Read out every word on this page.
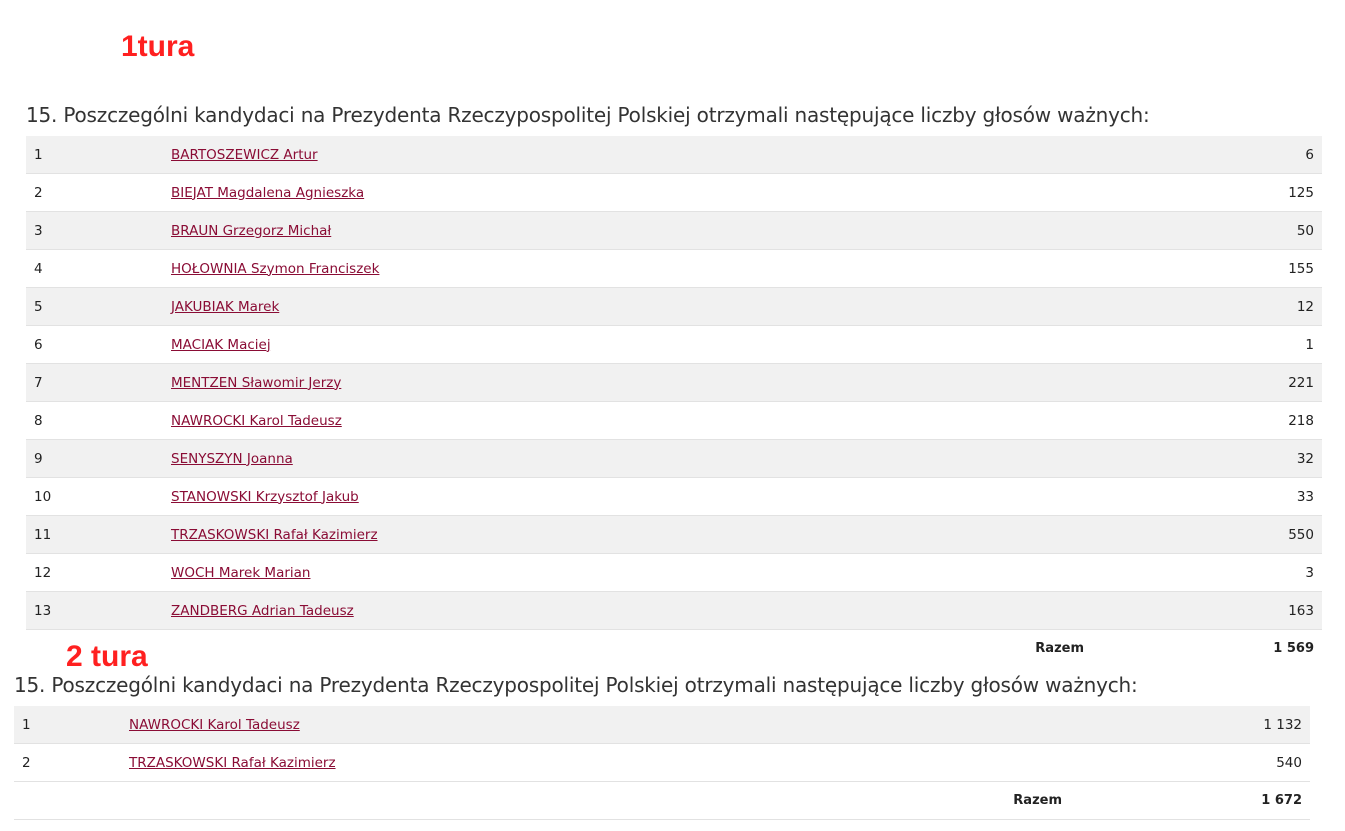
1tura
15. Poszczególni kandydaci na Prezydenta Rzeczypospolitej Polskiej otrzymali następujące liczby głosów ważnych:
1	BARTOSZEWICZ Artur	6
2	BIEJAT Magdalena Agnieszka	125
3	BRAUN Grzegorz Michał	50
4	HOŁOWNIA Szymon Franciszek	155
5	JAKUBIAK Marek	12
6	MACIAK Maciej	1
7	MENTZEN Sławomir Jerzy	221
8	NAWROCKI Karol Tadeusz	218
9	SENYSZYN Joanna	32
10	STANOWSKI Krzysztof Jakub	33
11	TRZASKOWSKI Rafał Kazimierz	550
12	WOCH Marek Marian	3
13	ZANDBERG Adrian Tadeusz	163
	Razem	1 569
2 tura
15. Poszczególni kandydaci na Prezydenta Rzeczypospolitej Polskiej otrzymali następujące liczby głosów ważnych:
1	NAWROCKI Karol Tadeusz	1 132
2	TRZASKOWSKI Rafał Kazimierz	540
	Razem	1 672
